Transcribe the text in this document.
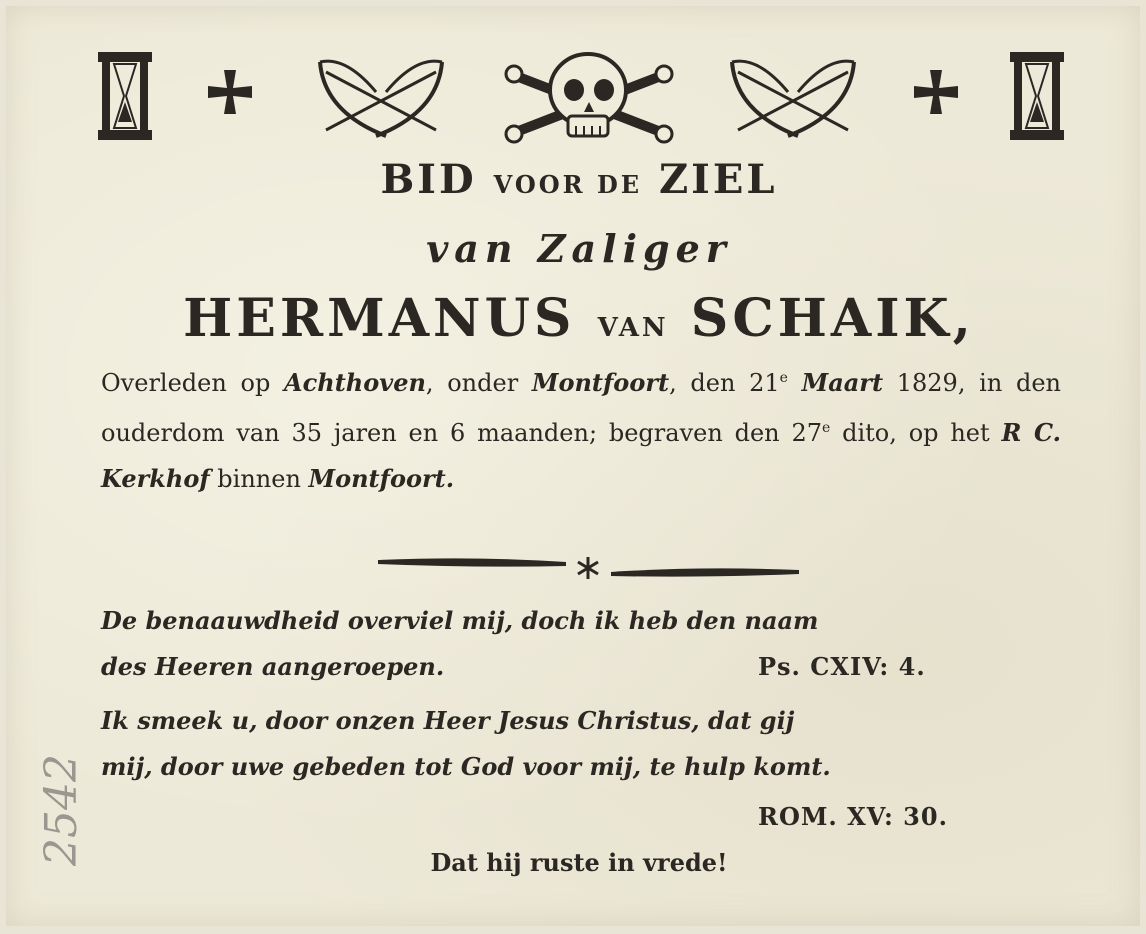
BID VOOR DE ZIEL
van Zaliger
HERMANUS VAN SCHAIK,
Overleden op Achthoven, onder Montfoort, den 21e Maart 1829, in den ouderdom van 35 jaren en 6 maanden; begraven den 27e dito, op het R C. Kerkhof binnen Montfoort.
De benaauwdheid overviel mij, doch ik heb den naam
des Heeren aangeroepen.	Ps. CXIV: 4.
Ik smeek u, door onzen Heer Jesus Christus, dat gij
mij, door uwe gebeden tot God voor mij, te hulp komt.
ROM. XV: 30.
Dat hij ruste in vrede!
2542
